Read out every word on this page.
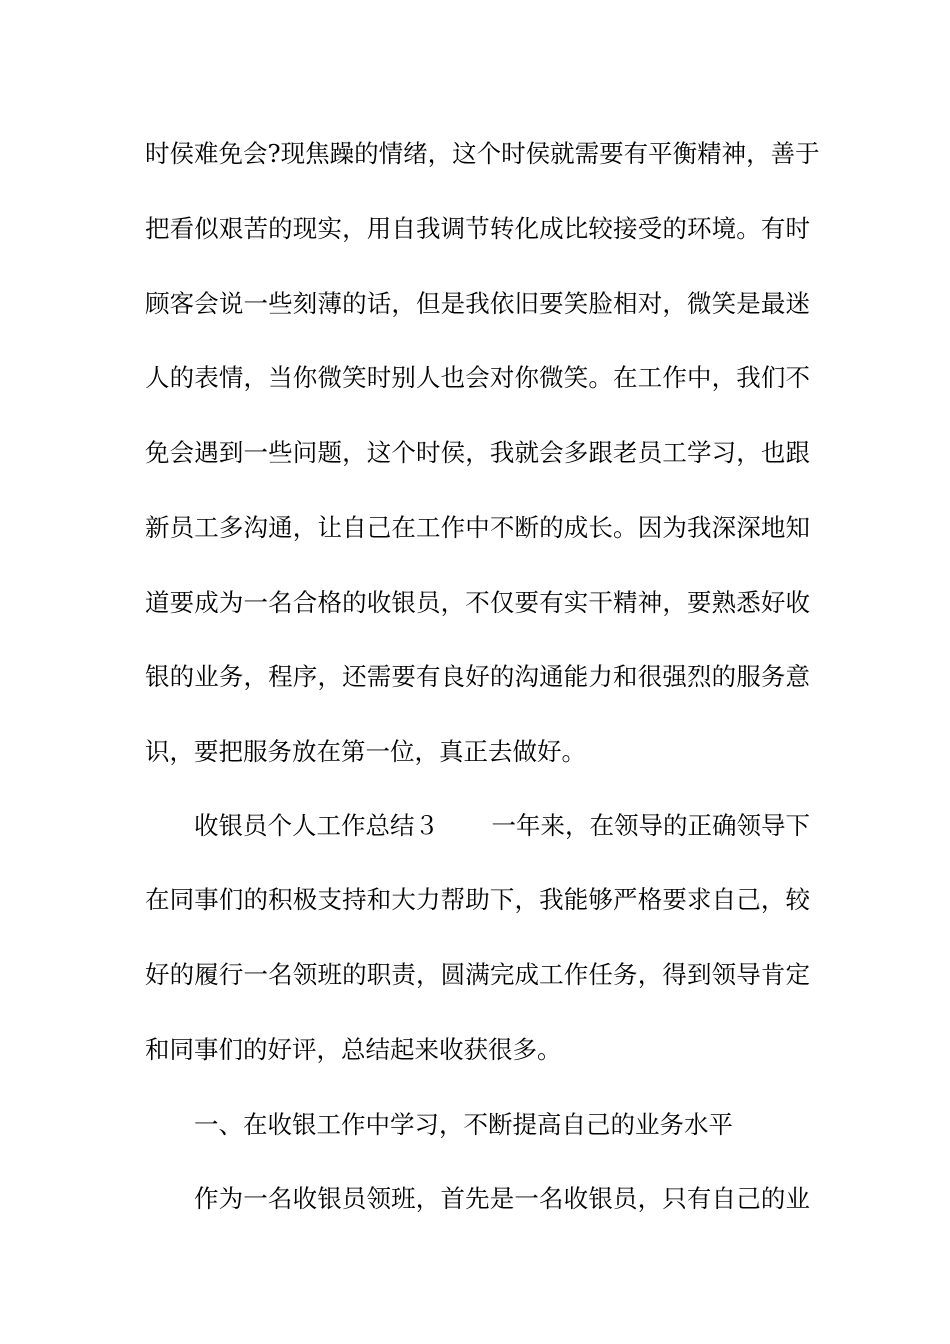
时侯难免会?现焦躁的情绪，这个时侯就需要有平衡精神，善于
把看似艰苦的现实，用自我调节转化成比较接受的环境。有时
顾客会说一些刻薄的话，但是我依旧要笑脸相对，微笑是最迷
人的表情，当你微笑时别人也会对你微笑。在工作中，我们不
免会遇到一些问题，这个时侯，我就会多跟老员工学习，也跟
新员工多沟通，让自己在工作中不断的成长。因为我深深地知
道要成为一名合格的收银员，不仅要有实干精神，要熟悉好收
银的业务，程序，还需要有良好的沟通能力和很强烈的服务意
识，要把服务放在第一位，真正去做好。
收银员个人工作总结３ 一年来，在领导的正确领导下
在同事们的积极支持和大力帮助下，我能够严格要求自己，较
好的履行一名领班的职责，圆满完成工作任务，得到领导肯定
和同事们的好评，总结起来收获很多。
一、在收银工作中学习，不断提高自己的业务水平
作为一名收银员领班，首先是一名收银员，只有自己的业
